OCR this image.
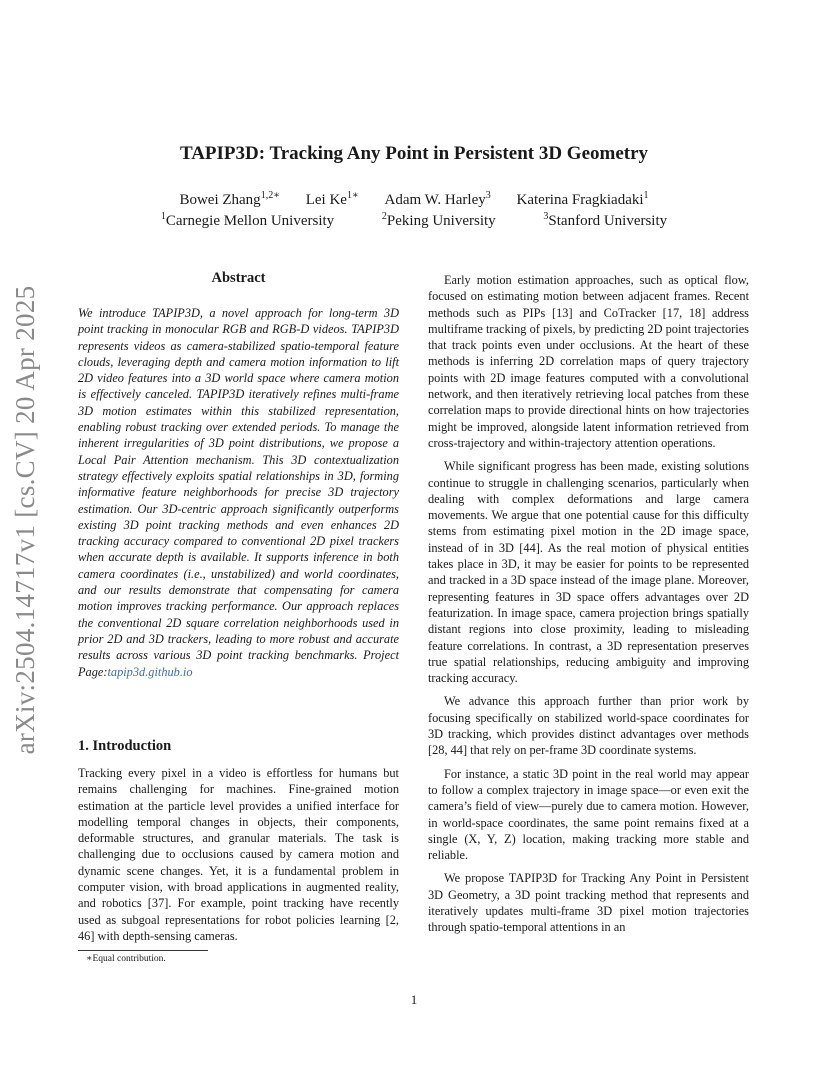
arXiv:2504.14717v1 [cs.CV] 20 Apr 2025
TAPIP3D: Tracking Any Point in Persistent 3D Geometry
Bowei Zhang$^{1,2∗}$ Lei $Ke^{1∗}$ Adam W. Harley$^3$ Katerina Fragkiadaki$^1$
$^1$Carnegie Mellon University	$^2$Peking University	$^3$Stanford University
Abstract
We introduce TAPIP3D, a novel approach for long-term 3D point tracking in monocular RGB and RGB-D videos. TAPIP3D represents videos as camera-stabilized spatio-temporal feature clouds, leveraging depth and camera motion information to lift 2D video features into a 3D world space where camera motion is effectively canceled. TAPIP3D iteratively refines multi-frame 3D motion estimates within this stabilized representation, enabling robust tracking over extended periods. To manage the inherent irregularities of 3D point distributions, we propose a Local Pair Attention mechanism. This 3D contextualization strategy effectively exploits spatial relationships in 3D, forming informative feature neighborhoods for precise 3D trajectory estimation. Our 3D-centric approach significantly outperforms existing 3D point tracking methods and even enhances 2D tracking accuracy compared to conventional 2D pixel trackers when accurate depth is available. It supports inference in both camera coordinates (i.e., unstabilized) and world coordinates, and our results demonstrate that compensating for camera motion improves tracking performance. Our approach replaces the conventional 2D square correlation neighborhoods used in prior 2D and 3D trackers, leading to more robust and accurate results across various 3D point tracking benchmarks. Project Page:tapip3d.github.io
1. Introduction
Tracking every pixel in a video is effortless for humans but remains challenging for machines. Fine-grained motion estimation at the particle level provides a unified interface for modelling temporal changes in objects, their components, deformable structures, and granular materials. The task is challenging due to occlusions caused by camera motion and dynamic scene changes. Yet, it is a fundamental problem in computer vision, with broad applications in augmented reality, and robotics [37]. For example, point tracking have recently used as subgoal representations for robot policies learning [2, 46] with depth-sensing cameras.

Early motion estimation approaches, such as optical flow, focused on estimating motion between adjacent frames. Recent methods such as PIPs [13] and CoTracker [17, 18] address multiframe tracking of pixels, by predicting 2D point trajectories that track points even under occlusions. At the heart of these methods is inferring 2D correlation maps of query trajectory points with 2D image features computed with a convolutional network, and then iteratively retrieving local patches from these correlation maps to provide directional hints on how trajectories might be improved, alongside latent information retrieved from cross-trajectory and within-trajectory attention operations.

While significant progress has been made, existing solutions continue to struggle in challenging scenarios, particularly when dealing with complex deformations and large camera movements. We argue that one potential cause for this difficulty stems from estimating pixel motion in the 2D image space, instead of in 3D [44]. As the real motion of physical entities takes place in 3D, it may be easier for points to be represented and tracked in a 3D space instead of the image plane. Moreover, representing features in 3D space offers advantages over 2D featurization. In image space, camera projection brings spatially distant regions into close proximity, leading to misleading feature correlations. In contrast, a 3D representation preserves true spatial relationships, reducing ambiguity and improving tracking accuracy.

We advance this approach further than prior work by focusing specifically on stabilized world-space coordinates for 3D tracking, which provides distinct advantages over methods [28, 44] that rely on per-frame 3D coordinate systems.

For instance, a static 3D point in the real world may appear to follow a complex trajectory in image space—or even exit the camera’s field of view—purely due to camera motion. However, in world-space coordinates, the same point remains fixed at a single (X, Y, Z) location, making tracking more stable and reliable.

We propose TAPIP3D for Tracking Any Point in Persistent 3D Geometry, a 3D point tracking method that represents and iteratively updates multi-frame 3D pixel motion trajectories through spatio-temporal attentions in an

∗Equal contribution.
1
